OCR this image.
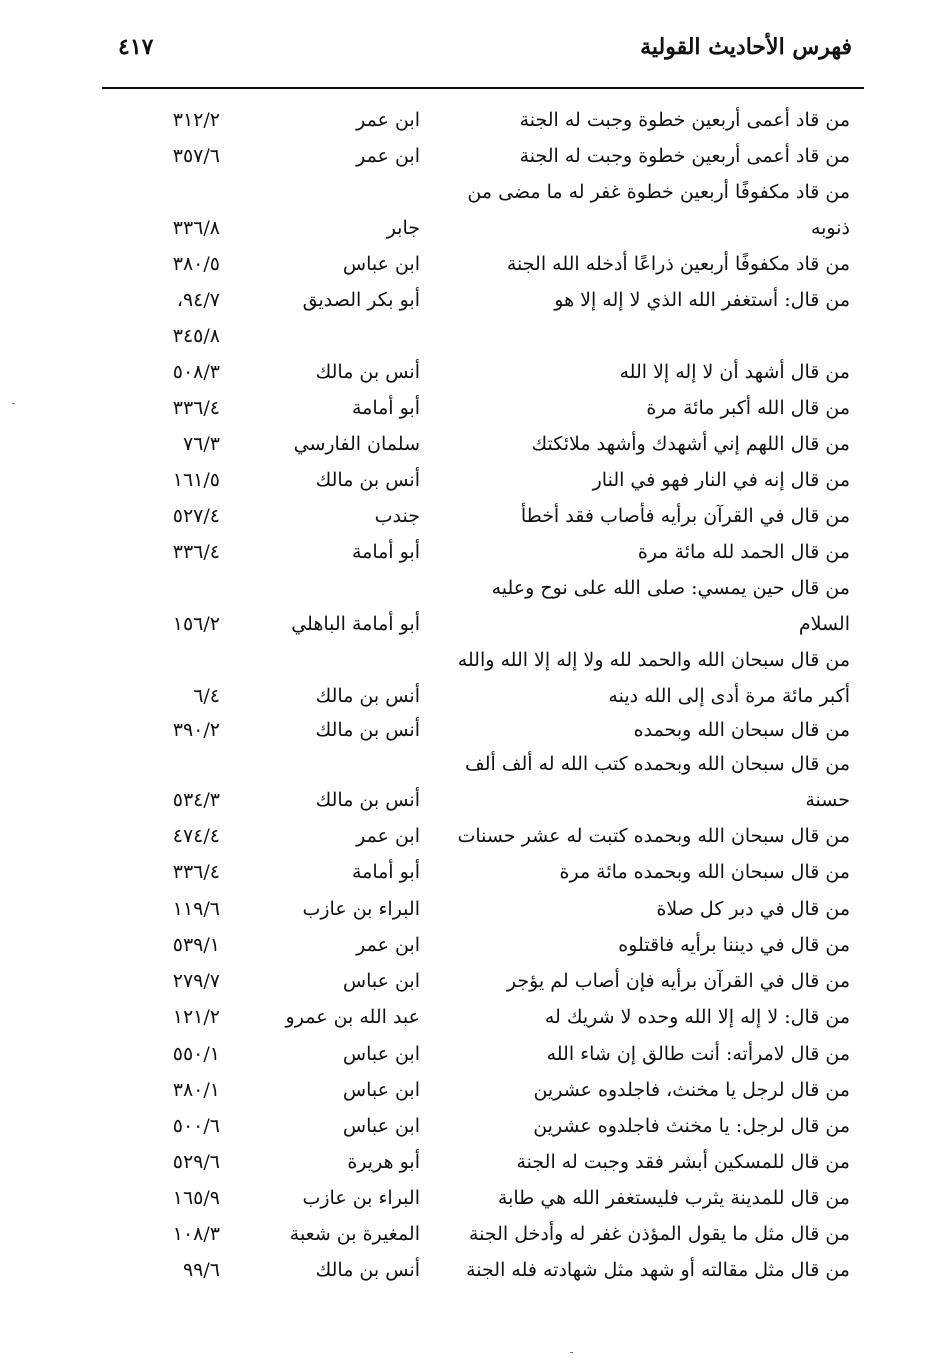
فهرس الأحاديث القولية
٤١٧
من قاد أعمى أربعين خطوة وجبت له الجنة
ابن عمر
٣١٢/٢
من قاد أعمى أربعين خطوة وجبت له الجنة
ابن عمر
٣٥٧/٦
من قاد مكفوفًا أربعين خطوة غفر له ما مضى من
ذنوبه
جابر
٣٣٦/٨
من قاد مكفوفًا أربعين ذراعًا أدخله الله الجنة
ابن عباس
٣٨٠/٥
من قال: أستغفر الله الذي لا إله إلا هو
أبو بكر الصديق
٩٤/٧،
٣٤٥/٨
من قال أشهد أن لا إله إلا الله
أنس بن مالك
٥٠٨/٣
من قال الله أكبر مائة مرة
أبو أمامة
٣٣٦/٤
من قال اللهم إني أشهدك وأشهد ملائكتك
سلمان الفارسي
٧٦/٣
من قال إنه في النار فهو في النار
أنس بن مالك
١٦١/٥
من قال في القرآن برأيه فأصاب فقد أخطأ
جندب
٥٢٧/٤
من قال الحمد لله مائة مرة
أبو أمامة
٣٣٦/٤
من قال حين يمسي: صلى الله على نوح وعليه
السلام
أبو أمامة الباهلي
١٥٦/٢
من قال سبحان الله والحمد لله ولا إله إلا الله والله
أكبر مائة مرة أدى إلى الله دينه
أنس بن مالك
٦/٤
من قال سبحان الله وبحمده
أنس بن مالك
٣٩٠/٢
من قال سبحان الله وبحمده كتب الله له ألف ألف
حسنة
أنس بن مالك
٥٣٤/٣
من قال سبحان الله وبحمده كتبت له عشر حسنات
ابن عمر
٤٧٤/٤
من قال سبحان الله وبحمده مائة مرة
أبو أمامة
٣٣٦/٤
من قال في دبر كل صلاة
البراء بن عازب
١١٩/٦
من قال في ديننا برأيه فاقتلوه
ابن عمر
٥٣٩/١
من قال في القرآن برأيه فإن أصاب لم يؤجر
ابن عباس
٢٧٩/٧
من قال: لا إله إلا الله وحده لا شريك له
عبد الله بن عمرو
١٢١/٢
من قال لامرأته: أنت طالق إن شاء الله
ابن عباس
٥٥٠/١
من قال لرجل يا مخنث، فاجلدوه عشرين
ابن عباس
٣٨٠/١
من قال لرجل: يا مخنث فاجلدوه عشرين
ابن عباس
٥٠٠/٦
من قال للمسكين أبشر فقد وجبت له الجنة
أبو هريرة
٥٢٩/٦
من قال للمدينة يثرب فليستغفر الله هي طابة
البراء بن عازب
١٦٥/٩
من قال مثل ما يقول المؤذن غفر له وأدخل الجنة
المغيرة بن شعبة
١٠٨/٣
من قال مثل مقالته أو شهد مثل شهادته فله الجنة
أنس بن مالك
٩٩/٦
